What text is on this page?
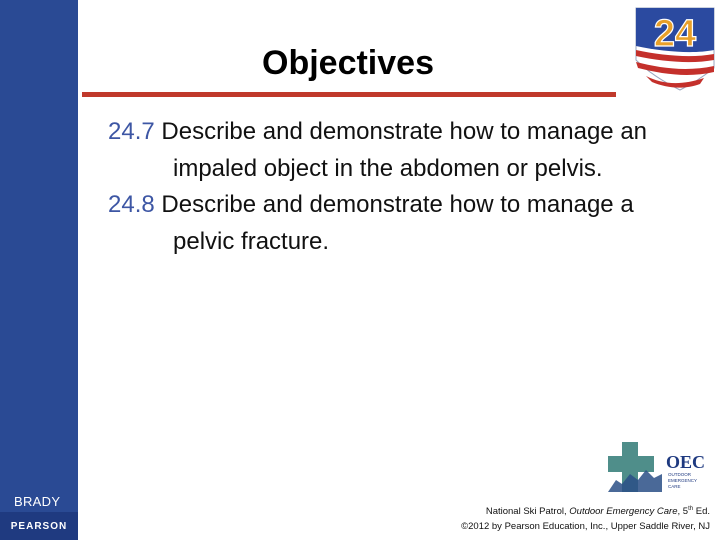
BRADY
PEARSON
24
Objectives
24.7 Describe and demonstrate how to manage an impaled object in the abdomen or pelvis.
24.8 Describe and demonstrate how to manage a pelvic fracture.
OEC
OUTDOOR
EMERGENCY
CARE
National Ski Patrol, Outdoor Emergency Care, 5th Ed.
©2012 by Pearson Education, Inc., Upper Saddle River, NJ
